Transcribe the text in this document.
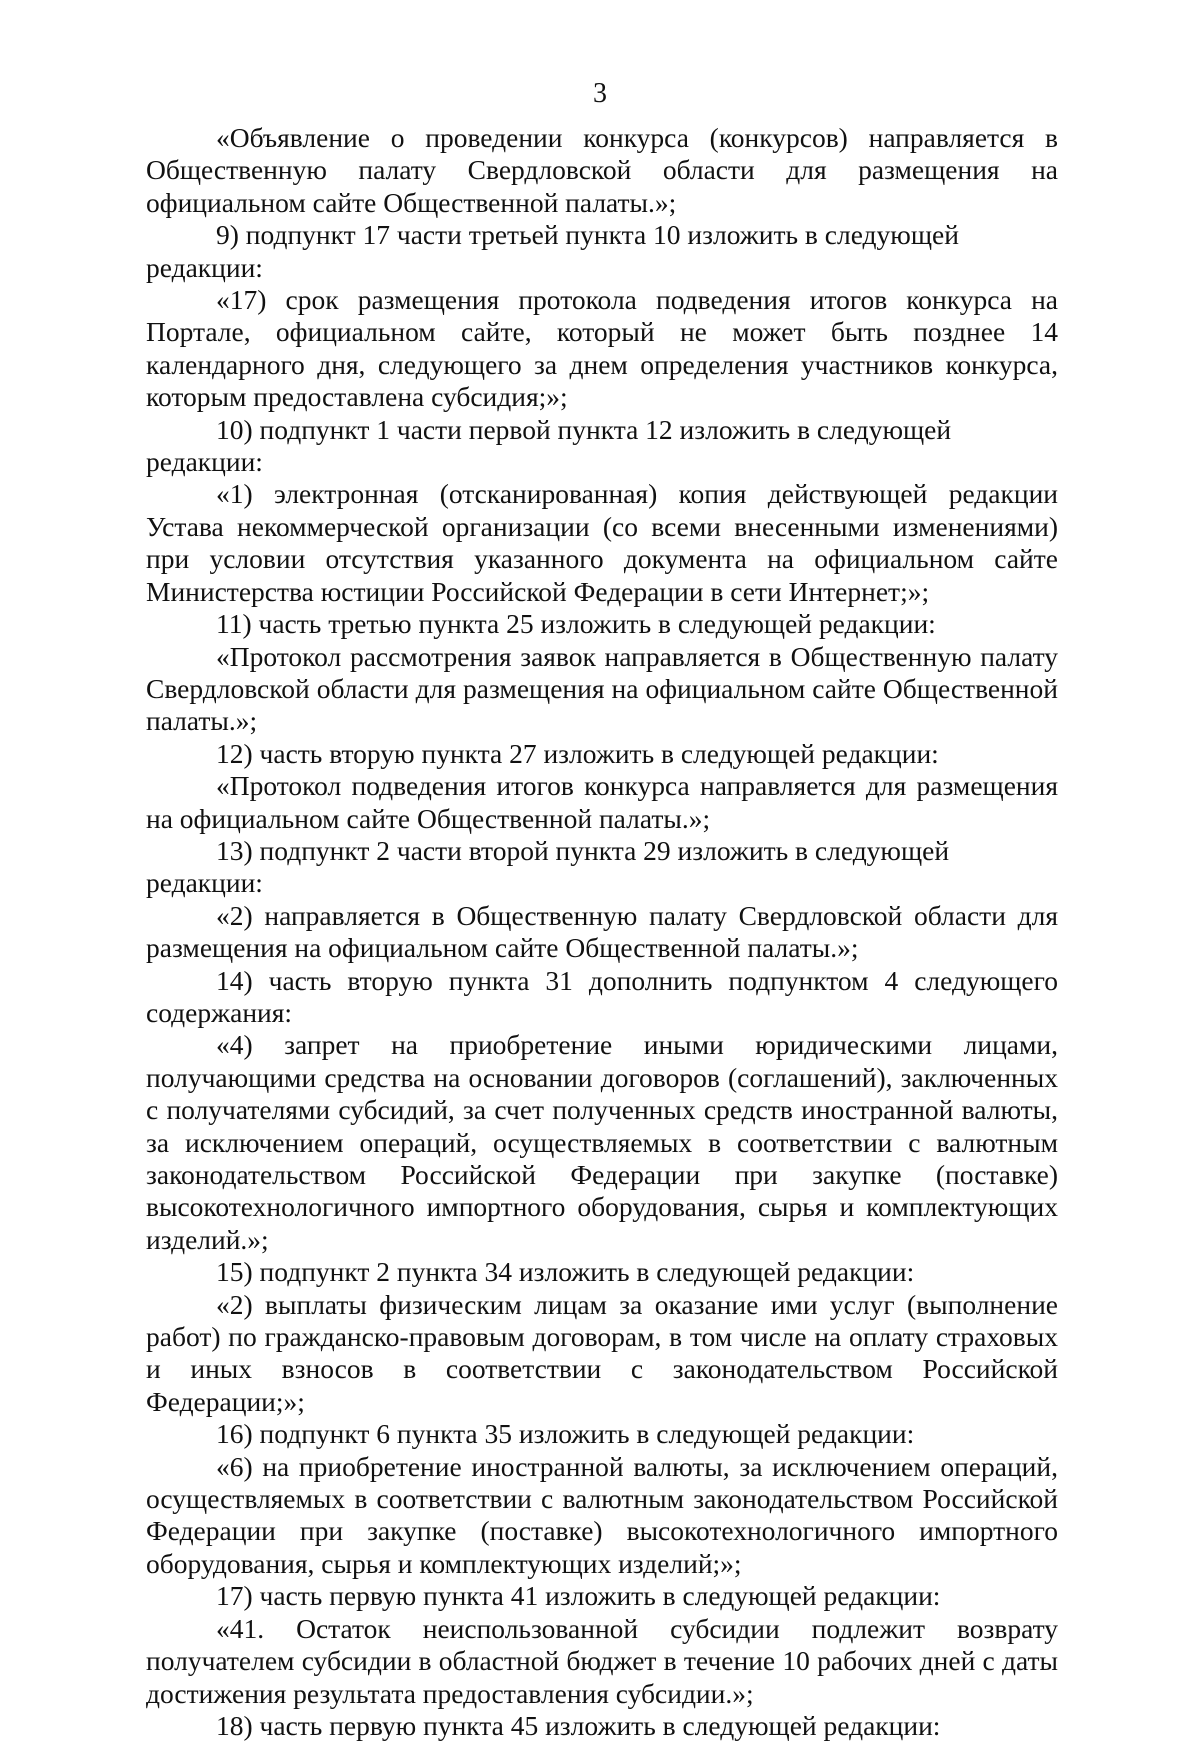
3

«Объявление о проведении конкурса (конкурсов) направляется в Общественную палату Свердловской области для размещения на официальном сайте Общественной палаты.»;

9) подпункт 17 части третьей пункта 10 изложить в следующей редакции:

«17) срок размещения протокола подведения итогов конкурса на Портале, официальном сайте, который не может быть позднее 14 календарного дня, следующего за днем определения участников конкурса, которым предоставлена субсидия;»;

10) подпункт 1 части первой пункта 12 изложить в следующей редакции:

«1) электронная (отсканированная) копия действующей редакции Устава некоммерческой организации (со всеми внесенными изменениями) при условии отсутствия указанного документа на официальном сайте Министерства юстиции Российской Федерации в сети Интернет;»;

11) часть третью пункта 25 изложить в следующей редакции:

«Протокол рассмотрения заявок направляется в Общественную палату Свердловской области для размещения на официальном сайте Общественной палаты.»;

12) часть вторую пункта 27 изложить в следующей редакции:

«Протокол подведения итогов конкурса направляется для размещения на официальном сайте Общественной палаты.»;

13) подпункт 2 части второй пункта 29 изложить в следующей редакции:

«2) направляется в Общественную палату Свердловской области для размещения на официальном сайте Общественной палаты.»;

14) часть вторую пункта 31 дополнить подпунктом 4 следующего содержания:

«4) запрет на приобретение иными юридическими лицами, получающими средства на основании договоров (соглашений), заключенных с получателями субсидий, за счет полученных средств иностранной валюты, за исключением операций, осуществляемых в соответствии с валютным законодательством Российской Федерации при закупке (поставке) высокотехнологичного импортного оборудования, сырья и комплектующих изделий.»;

15) подпункт 2 пункта 34 изложить в следующей редакции:

«2) выплаты физическим лицам за оказание ими услуг (выполнение работ) по гражданско-правовым договорам, в том числе на оплату страховых и иных взносов в соответствии с законодательством Российской Федерации;»;

16) подпункт 6 пункта 35 изложить в следующей редакции:

«6) на приобретение иностранной валюты, за исключением операций, осуществляемых в соответствии с валютным законодательством Российской Федерации при закупке (поставке) высокотехнологичного импортного оборудования, сырья и комплектующих изделий;»;

17) часть первую пункта 41 изложить в следующей редакции:

«41. Остаток неиспользованной субсидии подлежит возврату получателем субсидии в областной бюджет в течение 10 рабочих дней с даты достижения результата предоставления субсидии.»;

18) часть первую пункта 45 изложить в следующей редакции:
